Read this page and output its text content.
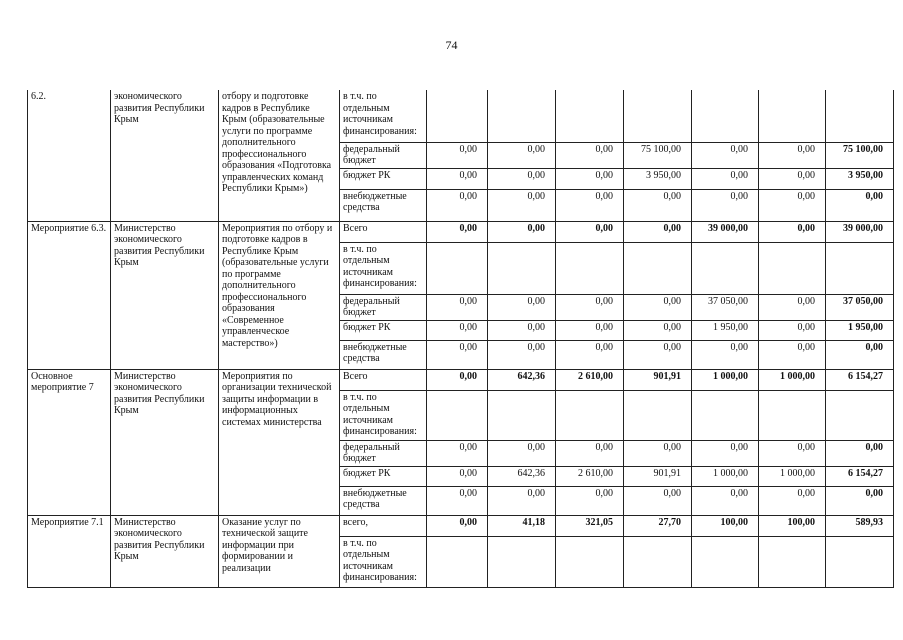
74
6.2.	экономического развития Республики Крым	отбору и подготовке кадров в Республике Крым (образовательные услуги по программе дополнительного профессионального образования «Подготовка управленческих команд Республики Крым»)	в т.ч. по отдельным источникам финансирования:							
			федеральный бюджет	0,00	0,00	0,00	75 100,00	0,00	0,00	75 100,00
			бюджет РК	0,00	0,00	0,00	3 950,00	0,00	0,00	3 950,00
			внебюджетные средства	0,00	0,00	0,00	0,00	0,00	0,00	0,00
Мероприятие 6.3.	Министерство экономического развития Республики Крым	Мероприятия по отбору и подготовке кадров в Республике Крым (образовательные услуги по программе дополнительного профессионального образования «Современное управленческое мастерство»)	Всего	0,00	0,00	0,00	0,00	39 000,00	0,00	39 000,00
			в т.ч. по отдельным источникам финансирования:							
			федеральный бюджет	0,00	0,00	0,00	0,00	37 050,00	0,00	37 050,00
			бюджет РК	0,00	0,00	0,00	0,00	1 950,00	0,00	1 950,00
			внебюджетные средства	0,00	0,00	0,00	0,00	0,00	0,00	0,00
Основное мероприятие 7	Министерство экономического развития Республики Крым	Мероприятия по организации технической защиты информации в информационных системах министерства	Всего	0,00	642,36	2 610,00	901,91	1 000,00	1 000,00	6 154,27
			в т.ч. по отдельным источникам финансирования:							
			федеральный бюджет	0,00	0,00	0,00	0,00	0,00	0,00	0,00
			бюджет РК	0,00	642,36	2 610,00	901,91	1 000,00	1 000,00	6 154,27
			внебюджетные средства	0,00	0,00	0,00	0,00	0,00	0,00	0,00
Мероприятие 7.1	Министерство экономического развития Республики Крым	Оказание услуг по технической защите информации при формировании и реализации	всего,	0,00	41,18	321,05	27,70	100,00	100,00	589,93
			в т.ч. по отдельным источникам финансирования:							
